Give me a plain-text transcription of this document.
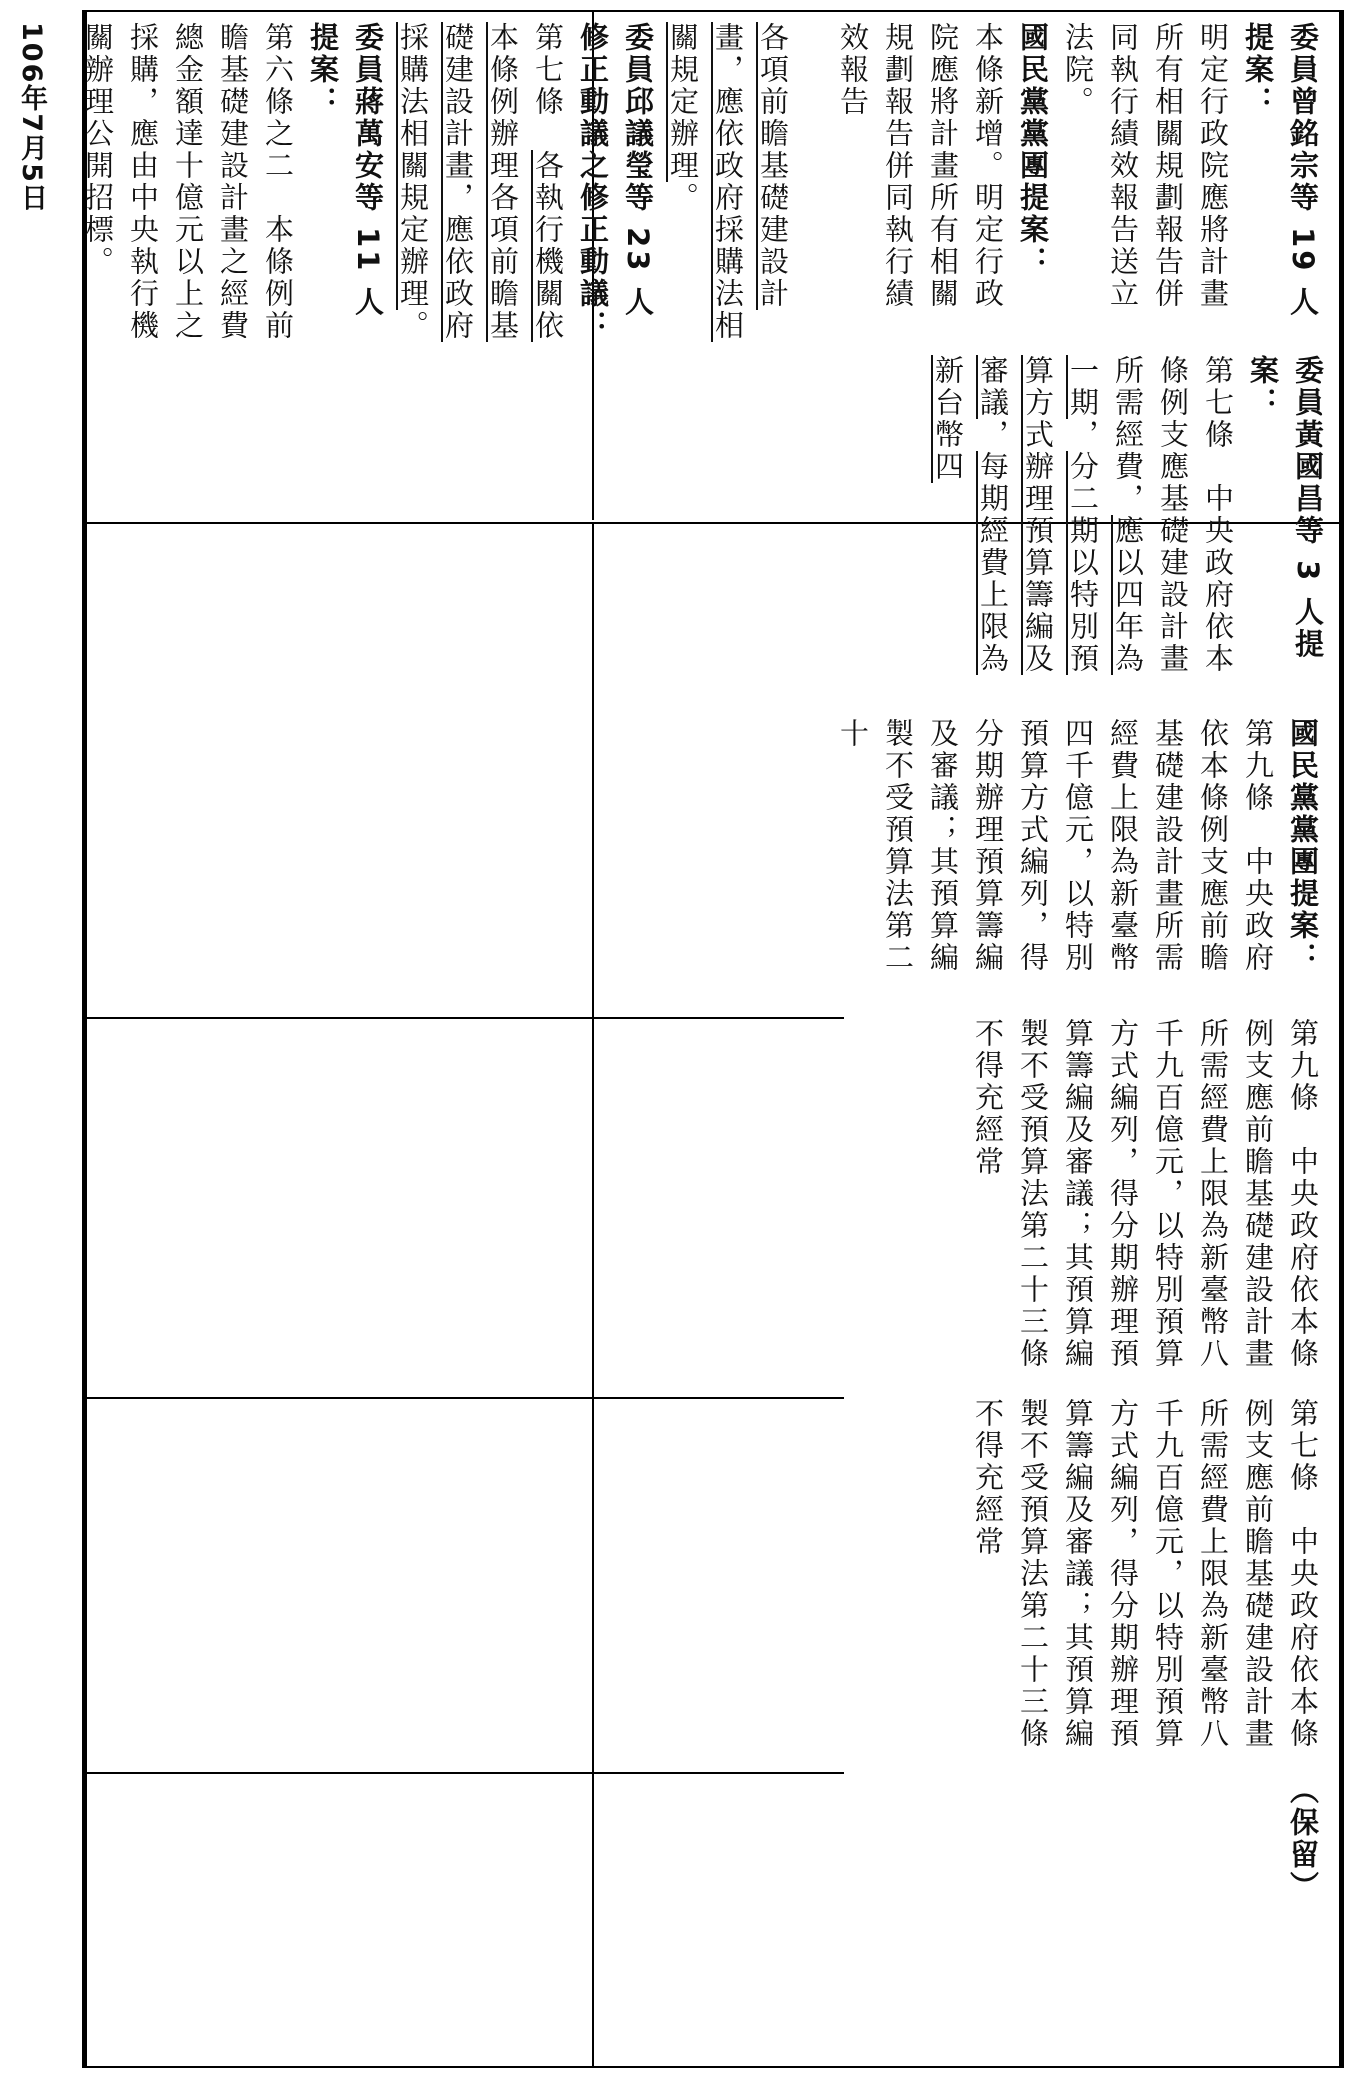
106年7月5日	委員曾銘宗等 19 人提案：

明定行政院應將計畫所有相關規劃報告併同執行績效報告送立法院。

國民黨黨團提案：

本條新增。明定行政院應將計畫所有相關規劃報告併同執行績效報告

各項前瞻基礎建設計畫，應依政府採購法相關規定辦理。

委員邱議瑩等 23 人修正動議之修正動議：

第七條　各執行機關依本條例辦理各項前瞻基礎建設計畫，應依政府採購法相關規定辦理。

委員蔣萬安等 11 人提案：

第六條之二　本條例前瞻基礎建設計畫之經費總金額達十億元以上之採購，應由中央執行機關辦理公開招標。

委員黃國昌等 3 人提案：

第七條　中央政府依本條例支應基礎建設計畫所需經費，應以四年為一期，分二期以特別預算方式辦理預算籌編及審議，每期經費上限為新台幣四

國民黨黨團提案：

第九條　中央政府依本條例支應前瞻基礎建設計畫所需經費上限為新臺幣四千億元，以特別預算方式編列，得分期辦理預算籌編及審議；其預算編製不受預算法第二十

第九條　中央政府依本條例支應前瞻基礎建設計畫所需經費上限為新臺幣八千九百億元，以特別預算方式編列，得分期辦理預算籌編及審議；其預算編製不受預算法第二十三條不得充經常

第七條　中央政府依本條例支應前瞻基礎建設計畫所需經費上限為新臺幣八千九百億元，以特別預算方式編列，得分期辦理預算籌編及審議；其預算編製不受預算法第二十三條不得充經常

（保留）
